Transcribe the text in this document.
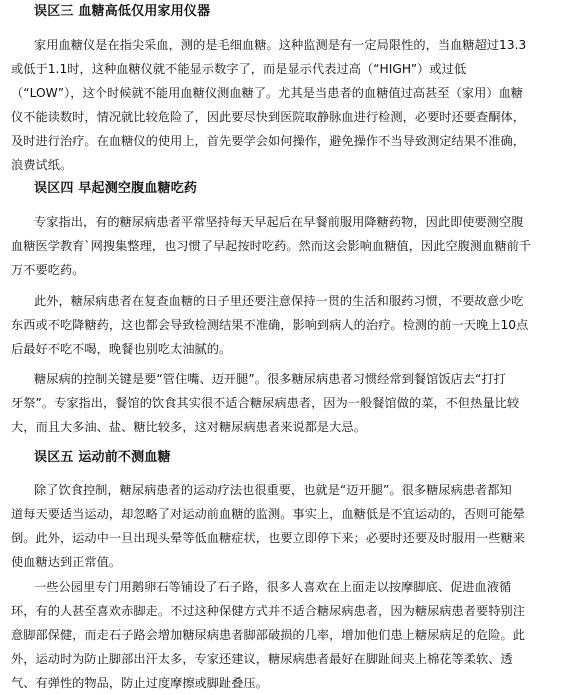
误区三 血糖高低仅用家用仪器
家用血糖仪是在指尖采血，测的是毛细血糖。这种监测是有一定局限性的，当血糖超过13.3
或低于1.1时，这种血糖仪就不能显示数字了，而是显示代表过高（“HIGH”）或过低
（“LOW”），这个时候就不能用血糖仪测血糖了。尤其是当患者的血糖值过高甚至（家用）血糖
仪不能读数时，情况就比较危险了，因此要尽快到医院取静脉血进行检测，必要时还要查酮体，
及时进行治疗。在血糖仪的使用上，首先要学会如何操作，避免操作不当导致测定结果不准确，
浪费试纸。
误区四 早起测空腹血糖吃药
专家指出，有的糖尿病患者平常坚持每天早起后在早餐前服用降糖药物，因此即使要测空腹
血糖医学教育`网搜集整理，也习惯了早起按时吃药。然而这会影响血糖值，因此空腹测血糖前千
万不要吃药。
此外，糖尿病患者在复查血糖的日子里还要注意保持一贯的生活和服药习惯，不要故意少吃
东西或不吃降糖药，这也都会导致检测结果不准确，影响到病人的治疗。检测的前一天晚上10点
后最好不吃不喝，晚餐也别吃太油腻的。
糖尿病的控制关键是要“管住嘴、迈开腿”。很多糖尿病患者习惯经常到餐馆饭店去“打打
牙祭”。专家指出，餐馆的饮食其实很不适合糖尿病患者，因为一般餐馆做的菜，不但热量比较
大，而且大多油、盐、糖比较多，这对糖尿病患者来说都是大忌。
误区五 运动前不测血糖
除了饮食控制，糖尿病患者的运动疗法也很重要，也就是“迈开腿”。很多糖尿病患者都知
道每天要适当运动，却忽略了对运动前血糖的监测。事实上，血糖低是不宜运动的，否则可能晕
倒。此外，运动中一旦出现头晕等低血糖症状，也要立即停下来；必要时还要及时服用一些糖来
使血糖达到正常值。
一些公园里专门用鹅卵石等铺设了石子路，很多人喜欢在上面走以按摩脚底、促进血液循
环，有的人甚至喜欢赤脚走。不过这种保健方式并不适合糖尿病患者，因为糖尿病患者要特别注
意脚部保健，而走石子路会增加糖尿病患者脚部破损的几率，增加他们患上糖尿病足的危险。此
外，运动时为防止脚部出汗太多，专家还建议，糖尿病患者最好在脚趾间夹上棉花等柔软、透
气、有弹性的物品，防止过度摩擦或脚趾叠压。
